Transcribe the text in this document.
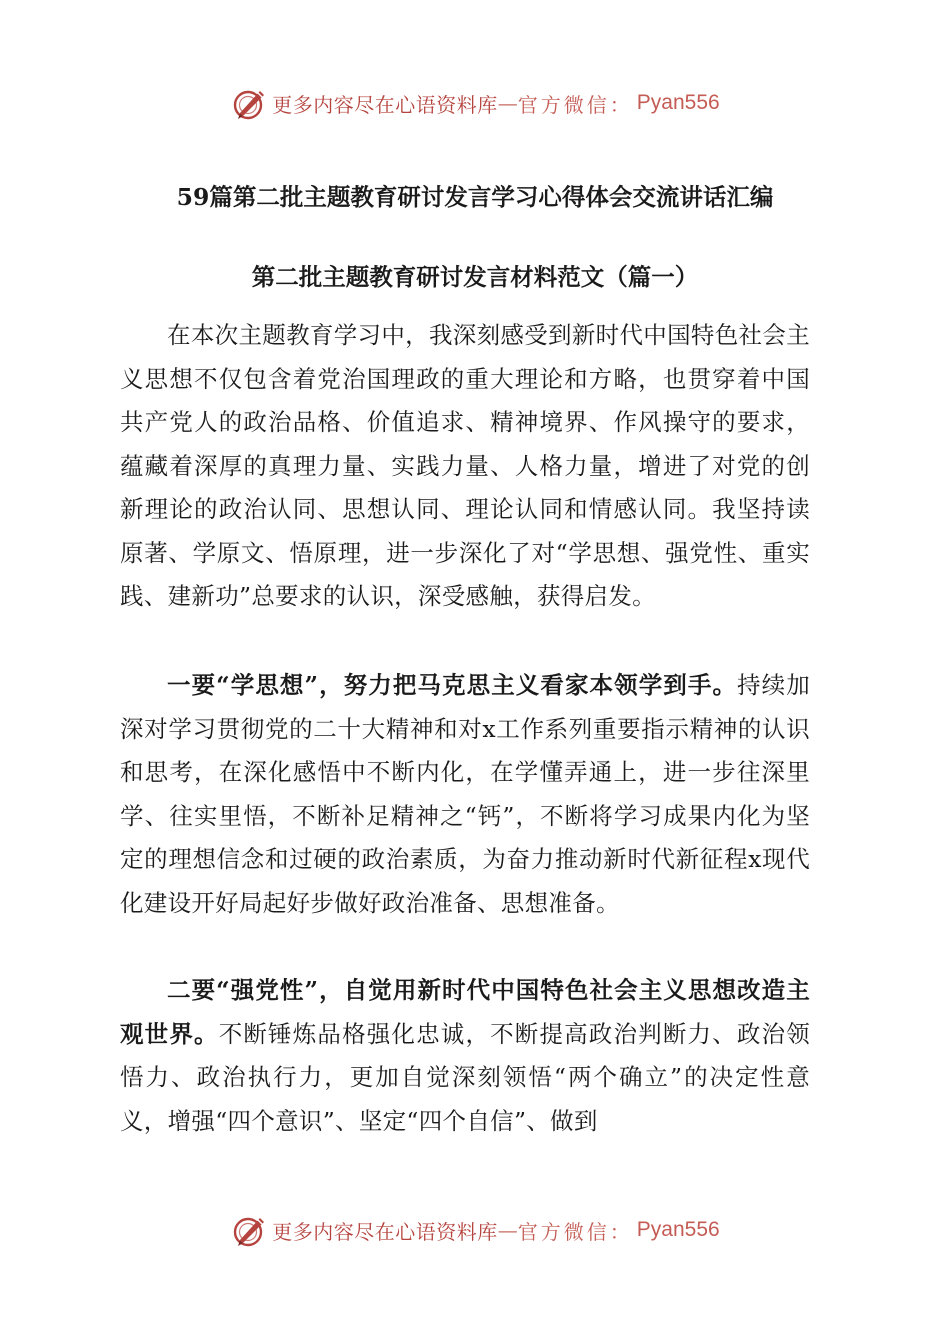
更多内容尽在心语资料库 — 官方微信： Pyan556
59篇第二批主题教育研讨发言学习心得体会交流讲话汇编
第二批主题教育研讨发言材料范文（篇一）

在本次主题教育学习中，我深刻感受到新时代中国特色社会主义思想不仅包含着党治国理政的重大理论和方略，也贯穿着中国共产党人的政治品格、价值追求、精神境界、作风操守的要求，蕴藏着深厚的真理力量、实践力量、人格力量，增进了对党的创新理论的政治认同、思想认同、理论认同和情感认同。我坚持读原著、学原文、悟原理，进一步深化了对“学思想、强党性、重实践、建新功”总要求的认识，深受感触，获得启发。

一要“学思想”，努力把马克思主义看家本领学到手。持续加深对学习贯彻党的二十大精神和对x工作系列重要指示精神的认识和思考，在深化感悟中不断内化，在学懂弄通上，进一步往深里学、往实里悟，不断补足精神之“钙”，不断将学习成果内化为坚定的理想信念和过硬的政治素质，为奋力推动新时代新征程x现代化建设开好局起好步做好政治准备、思想准备。

二要“强党性”，自觉用新时代中国特色社会主义思想改造主观世界。不断锤炼品格强化忠诚，不断提高政治判断力、政治领悟力、政治执行力，更加自觉深刻领悟“两个确立”的决定性意义，增强“四个意识”、坚定“四个自信”、做到

更多内容尽在心语资料库 — 官方微信： Pyan556
